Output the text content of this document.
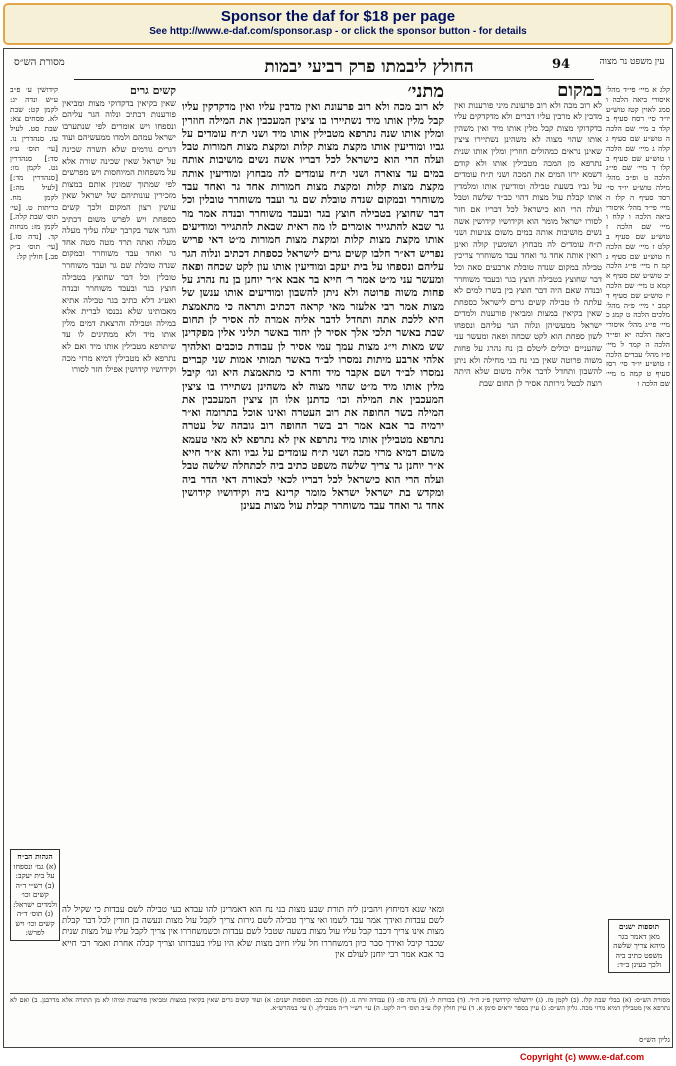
Sponsor the daf for $18 per page
See http://www.e-daf.com/sponsor.asp - or click the sponsor button - for details
מסורת הש״ס	החולץ ליבמתו פרק רביעי יבמות	94	עין משפט נר מצוה

קלג א מיי׳ פי״ד מהל׳ איסורי ביאה הלכה ו סמג לאוין קטז טוש״ע יו״ד סי׳ רסח סעיף ב קלד ב מיי׳ שם הלכה ה טוש״ע שם סעיף ג קלה ג מיי׳ שם הלכה ו טוש״ע שם סעיף ב קלו ד מיי׳ שם פי״ג הלכה ט ופ״ב מהל׳ מילה טוש״ע יו״ד סי׳ רסד סעיף ה קלז ה מיי׳ פי״ד מהל׳ איסורי ביאה הלכה ו קלח ו מיי׳ שם הלכה ז טוש״ע שם סעיף ב קלט ז מיי׳ שם הלכה ח טוש״ע שם סעיף ג קמ ח מיי׳ פי״ג הלכה יב טוש״ע שם סעיף א קמא ט מיי׳ שם הלכה יז טוש״ע שם סעיף ד קמב י מיי׳ פ״ה מהל׳ מלכים הלכה ט קמג כ מיי׳ פי״ג מהל׳ איסורי ביאה הלכה יא ופי״ד הלכה ה קמד ל מיי׳ פ״ז מהל׳ עבדים הלכה ז טוש״ע יו״ד סי׳ רסז סעיף ט קמה מ מיי׳ שם הלכה ו

במקום

לא רוב מכה ולא רוב פרעונת מיני פורענות ואין מדבין לא מרבין עליו דברים ולא מדקדקים עליו בדקדוקי מצות קבל מלין אותו מיד ואין משהין אותו שהוי מצוה לא משהינן נשתיירו ציצין שאינן נראים כמהולים חוזרין ומלין אותו שנית נתרפא מן המכה מטבילין אותו ולא קודם דשמא ירזו המים את המכה ושני ת״ח עומדים על גביו בשעת טבילה ומודיעין אותו ומלמדין אותו קבלת עול מצות דהוי כב״ד שלשה וטבל ועלה הרי הוא כישראל לכל דבריו אם חזר לסורו ישראל מומר הוא וקידושיו קידושין אשה נשים מושיבות אותה במים משום צניעות ושני ת״ח עומדים לה מבחוץ ושומעין קולה ואינן רואין אותה אחד גר ואחד עבד משוחרר צריכין טבילה במקום שנדה טובלת ארבעים סאה וכל דבר שחוצץ בטבילה חוצץ בגר ובעבד משוחרר ובנדה שאם היה דבר חוצץ בין בשרו למים לא עלתה לו טבילה קשים גרים לישראל כספחת שאין בקיאין במצות ומביאין פורענות ולמדים ישראל ממעשיהן ונלוה הגר עליהם ונספחו לשון ספחת הוא לקט שכחה ופאה ומעשר עני שהעניים יכולים ליטלם בן נח נהרג על פחות משוה פרוטה שאין בני נח בני מחילה ולא ניתן להשבון ותחדל לדבר אליה משום שלא היתה רוצה לבטל גירותה אסיר לן תחום שבת

מתני׳

לא רוב מכה ולא רוב פרעונת ואין מדבין עליו ואין מדקדקין עליו קבל מלין אותו מיד נשתיירו בו ציצין המעכבין את המילה חוזרין ומלין אותו שנה נתרפא מטבילין אותו מיד ושני ת״ח עומדים על גביו ומודיעין אותו מקצת מצות קלות ומקצת מצות חמורות טבל ועלה הרי הוא כישראל לכל דבריו אשה נשים מושיבות אותה במים עד צוארה ושני ת״ח עומדים לה מבחוץ ומודיעין אותה מקצת מצות קלות ומקצת מצות חמורות אחד גר ואחד עבד משוחרר ובמקום שנדה טובלת שם גר ועבד משוחרר טובלין וכל דבר שחוצץ בטבילה חוצץ בגר ובעבד משוחרר ובנדה אמר מר גר שבא להתגייר אומרים לו מה ראית שבאת להתגייר ומודיעים אותו מקצת מצות קלות ומקצת מצות חמורות מ״ט דאי פריש נפריש דא״ר חלבו קשים גרים לישראל כספחת דכתיב ונלוה הגר עליהם ונספחו על בית יעקב ומודיעין אותו עון לקט שכחה ופאה ומעשר עני מ״ט אמר ר׳ חייא בר אבא א״ר יוחנן בן נח נהרג על פחות משוה פרוטה ולא ניתן להשבון ומודיעים אותו ענשן של מצות אמר רבי אלעזר מאי קראה דכתיב ותראה כי מתאמצת היא ללכת אתה ותחדל לדבר אליה אמרה לה אסיר לן תחום שבת באשר תלכי אלך אסיר לן יחוד באשר תליני אלין מפקדינן שש מאות וי״ג מצות עמך עמי אסיר לן עבודת כוכבים ואלהיך אלהי ארבע מיתות נמסרו לב״ד באשר תמותי אמות שני קברים נמסרו לב״ד ושם אקבר מיד וחרא כי מתאמצת היא וגו׳ קיבל מלין אותו מיד מ״ט שהוי מצוה לא משהינן נשתיירו בו ציצין המעכבין את המילה וכו׳ כדתנן אלו הן ציצין המעכבין את המילה בשר החופה את רוב העטרה ואינו אוכל בתרומה וא״ר ירמיה בר אבא אמר רב בשר החופה רוב גובהה של עטרה נתרפא מטבילין אותו מיד נתרפא אין לא נתרפא לא מאי טעמא משום דמיא מרזי מכה ושני ת״ח עומדים על גביו והא א״ר חייא א״ר יוחנן גר צריך שלשה משפט כתיב ביה לכתחלה שלשה טבל ועלה הרי הוא כישראל לכל דבריו לכאי לכאורה דאי הדר ביה ומקדש בת ישראל ישראל מומר קרינא ביה וקידושיו קידושין אחד גר ואחד עבד משוחרר קבלת עול מצות בעינן

קשים גרים

שאין בקיאין בדקדוקי מצות ומביאין פורענות דכתיב ונלוה הגר עליהם ונספחו ויש אומרים לפי שנתערבו ישראל עמהם ולמדו ממעשיהם ועוד דגרים גורמים שלא תשרה שכינה על ישראל שאין שכינה שורה אלא על משפחות המיוחסות ויש מפרשים לפי שמתוך שמונין אותם במצות מזכירין עונותיהם של ישראל שאין עושין רצון המקום ולכך קשים כספחת ויש לפרש משום דכתיב והגר אשר בקרבך יעלה עליך מעלה מעלה ואתה תרד מטה מטה אחד גר ואחד עבד משוחרר ובמקום שנדה טובלת שם גר ועבד משוחרר טובלין וכל דבר שחוצץ בטבילה חוצץ בגר ובעבד משוחרר ובנדה ואע״ג דלא כתיב בגר טבילה אתיא מאבותינו שלא נכנסו לברית אלא במילה וטבילה והרצאת דמים מלין אותו מיד ולא ממתינים לו עד שיתרפא מטבילין אותו מיד ואם לא נתרפא לא מטבילין דמיא מרזי מכה וקידושיו קידושין אפילו חזר לסורו

ומאי שנא דמיחוץ ויהבינן ליה תורת שבע מצות בני נח הוא דאמרינן להו עבדא בעי טבילה לשם עבדות כי שקיל לה לשם עבדות ואידך אמר עבד לשמו ואי צריך טבילה לשם גירות צריך לקבל עול מצות ונעשה בן חורין לכל דבר קבלת מצות אינו צריך דכבר קבל עליו עול מצות בשעה שטבל לשם עבדות וכשמשחררו אין צריך לקבל עליו עול מצות שנית שכבר קיבל ואידך סבר כיון דמשחררו חל עליו חיוב מצות שלא היו עליו בעבדותו וצריך קבלה אחרת ואמר רבי חייא בר אבא אמר רבי יוחנן לעולם אין

קידושין ע׳ פ״ב ע״ש ונדה יג: לקמן קט: שבת לא. פסחים צא: שבת סט. לעיל עז. סנהדרין נו. [עי׳ תוס׳ ע״ז סד:] סנהדרין נט. לקמן מו: [סנהדרין מד:] [לעיל מה:] לקמן מח. כריתות ט. [עי׳ תוס׳ שבת קלה.] לקמן מז: מנחות קד. [נדה סז.] [עי׳ תוס׳ ב״ק פב.] חולין קל:

הגהות הב״ח
(א) גמ׳ ונספחו על בית יעקב: (ב) רש״י ד״ה קשים וכו׳ ולמדים ישראל: (ג) תוס׳ ד״ה קשים וכו׳ ויש לפרש:
תוספות ישנים
מאן דאמר בגר מיהא צריך שלשה משפט כתיב ביה ולכך בעינן ב״ד:
מסורת הש״ס: (א) בבלי שבת קלז. (ב) לקמן מז. (ג) ירושלמי קידושין פ״ג ה״ד. (ד) בכורות ל: (ה) נדה סו: (ו) עבודה זרה נז. (ז) מכות כב: תוספות ישנים: א) ועוד קשים גרים שאין בקיאין במצות ומביאין פורענות ומיהו לא מן התורה אלא מדרבנן. ב) ואם לא נתרפא אין מטבילין דמיא מרזי מכה. גליון הש״ס: ג) עיין בספר יראים סימן א. ד) עיין חולין קלז ע״ב תוס׳ ד״ה לקט. ה) עי׳ רש״י ד״ה מטבילין. ו) עי׳ במהרש״א.
גליון הש״ס
Copyright (c) www.e-daf.com
